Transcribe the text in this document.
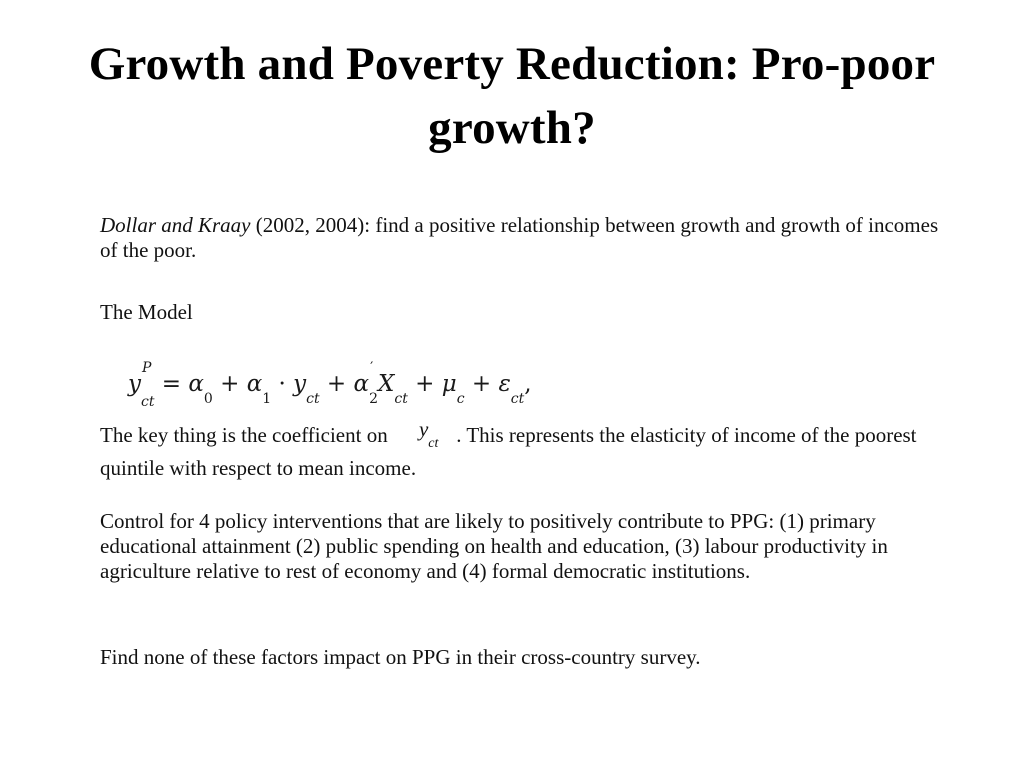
Growth and Poverty Reduction: Pro-poor growth?
Dollar and Kraay (2002, 2004): find a positive relationship between growth and growth of incomes of the poor.
The Model
y
P
$_{ct} = \alpha_0 + \alpha_1 \cdot y_{ct} + \alpha$
′
$_2X_{ct} + \mu_c + \varepsilon_{ct}$,
The key thing is the coefficient on $y_{ct}$ . This represents the elasticity of income of the poorest quintile with respect to mean income.
Control for 4 policy interventions that are likely to positively contribute to PPG: (1) primary educational attainment (2) public spending on health and education, (3) labour productivity in agriculture relative to rest of economy and (4) formal democratic institutions.
Find none of these factors impact on PPG in their cross-country survey.
